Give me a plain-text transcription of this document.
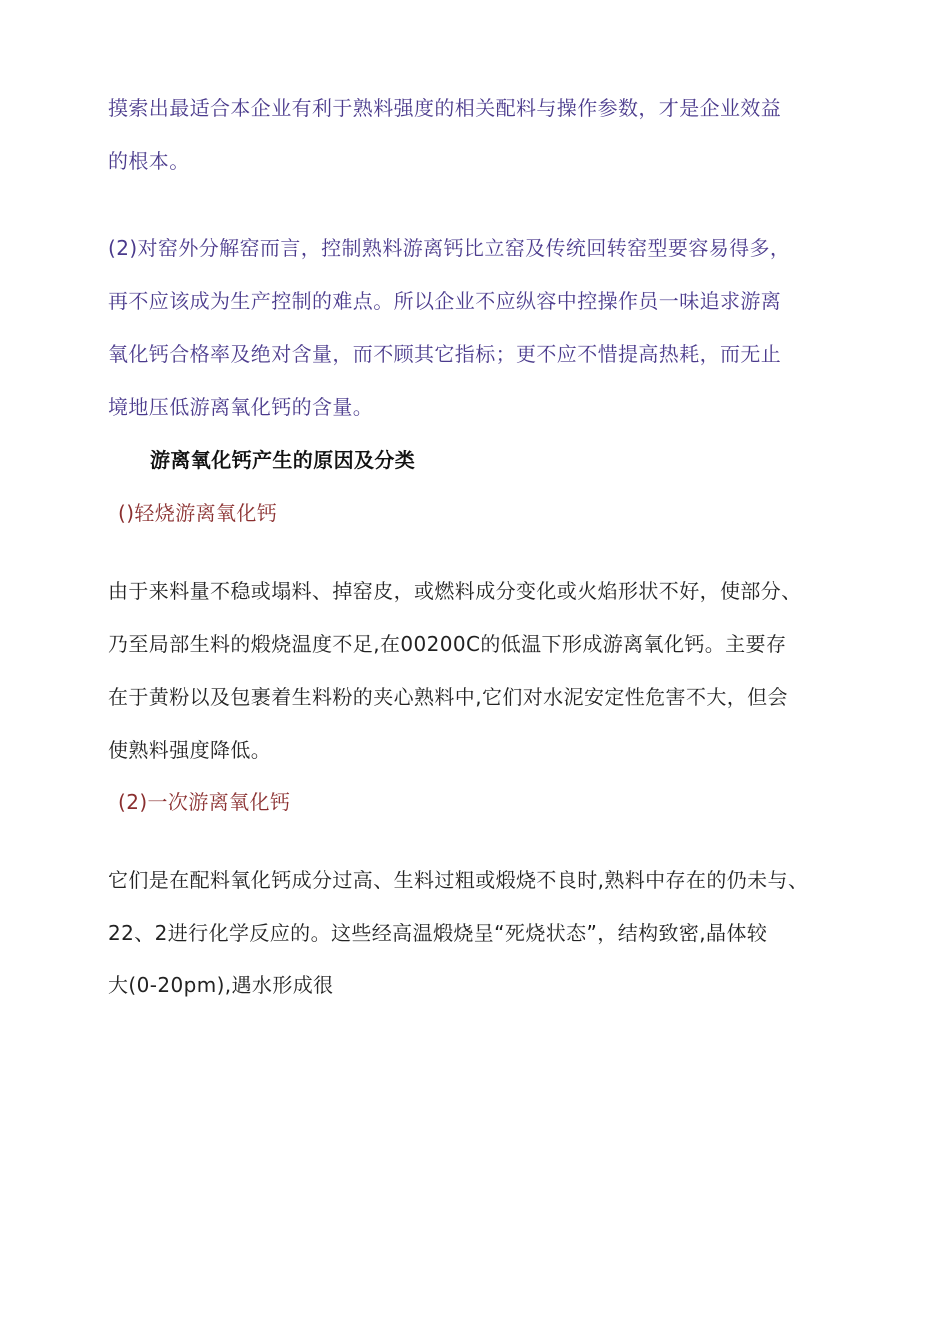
摸索出最适合本企业有利于熟料强度的相关配料与操作参数，才是企业效益
的根本。
(2)对窑外分解窑而言，控制熟料游离钙比立窑及传统回转窑型要容易得多，
再不应该成为生产控制的难点。所以企业不应纵容中控操作员一味追求游离
氧化钙合格率及绝对含量，而不顾其它指标；更不应不惜提高热耗，而无止
境地压低游离氧化钙的含量。
游离氧化钙产生的原因及分类
()轻烧游离氧化钙
由于来料量不稳或塌料、掉窑皮，或燃料成分变化或火焰形状不好，使部分、
乃至局部生料的煅烧温度不足,在00200C的低温下形成游离氧化钙。主要存
在于黄粉以及包裹着生料粉的夹心熟料中,它们对水泥安定性危害不大，但会
使熟料强度降低。
(2)一次游离氧化钙
它们是在配料氧化钙成分过高、生料过粗或煅烧不良时,熟料中存在的仍未与、
22、2进行化学反应的。这些经高温煅烧呈“死烧状态”，结构致密,晶体较
大(0-20pm),遇水形成很
